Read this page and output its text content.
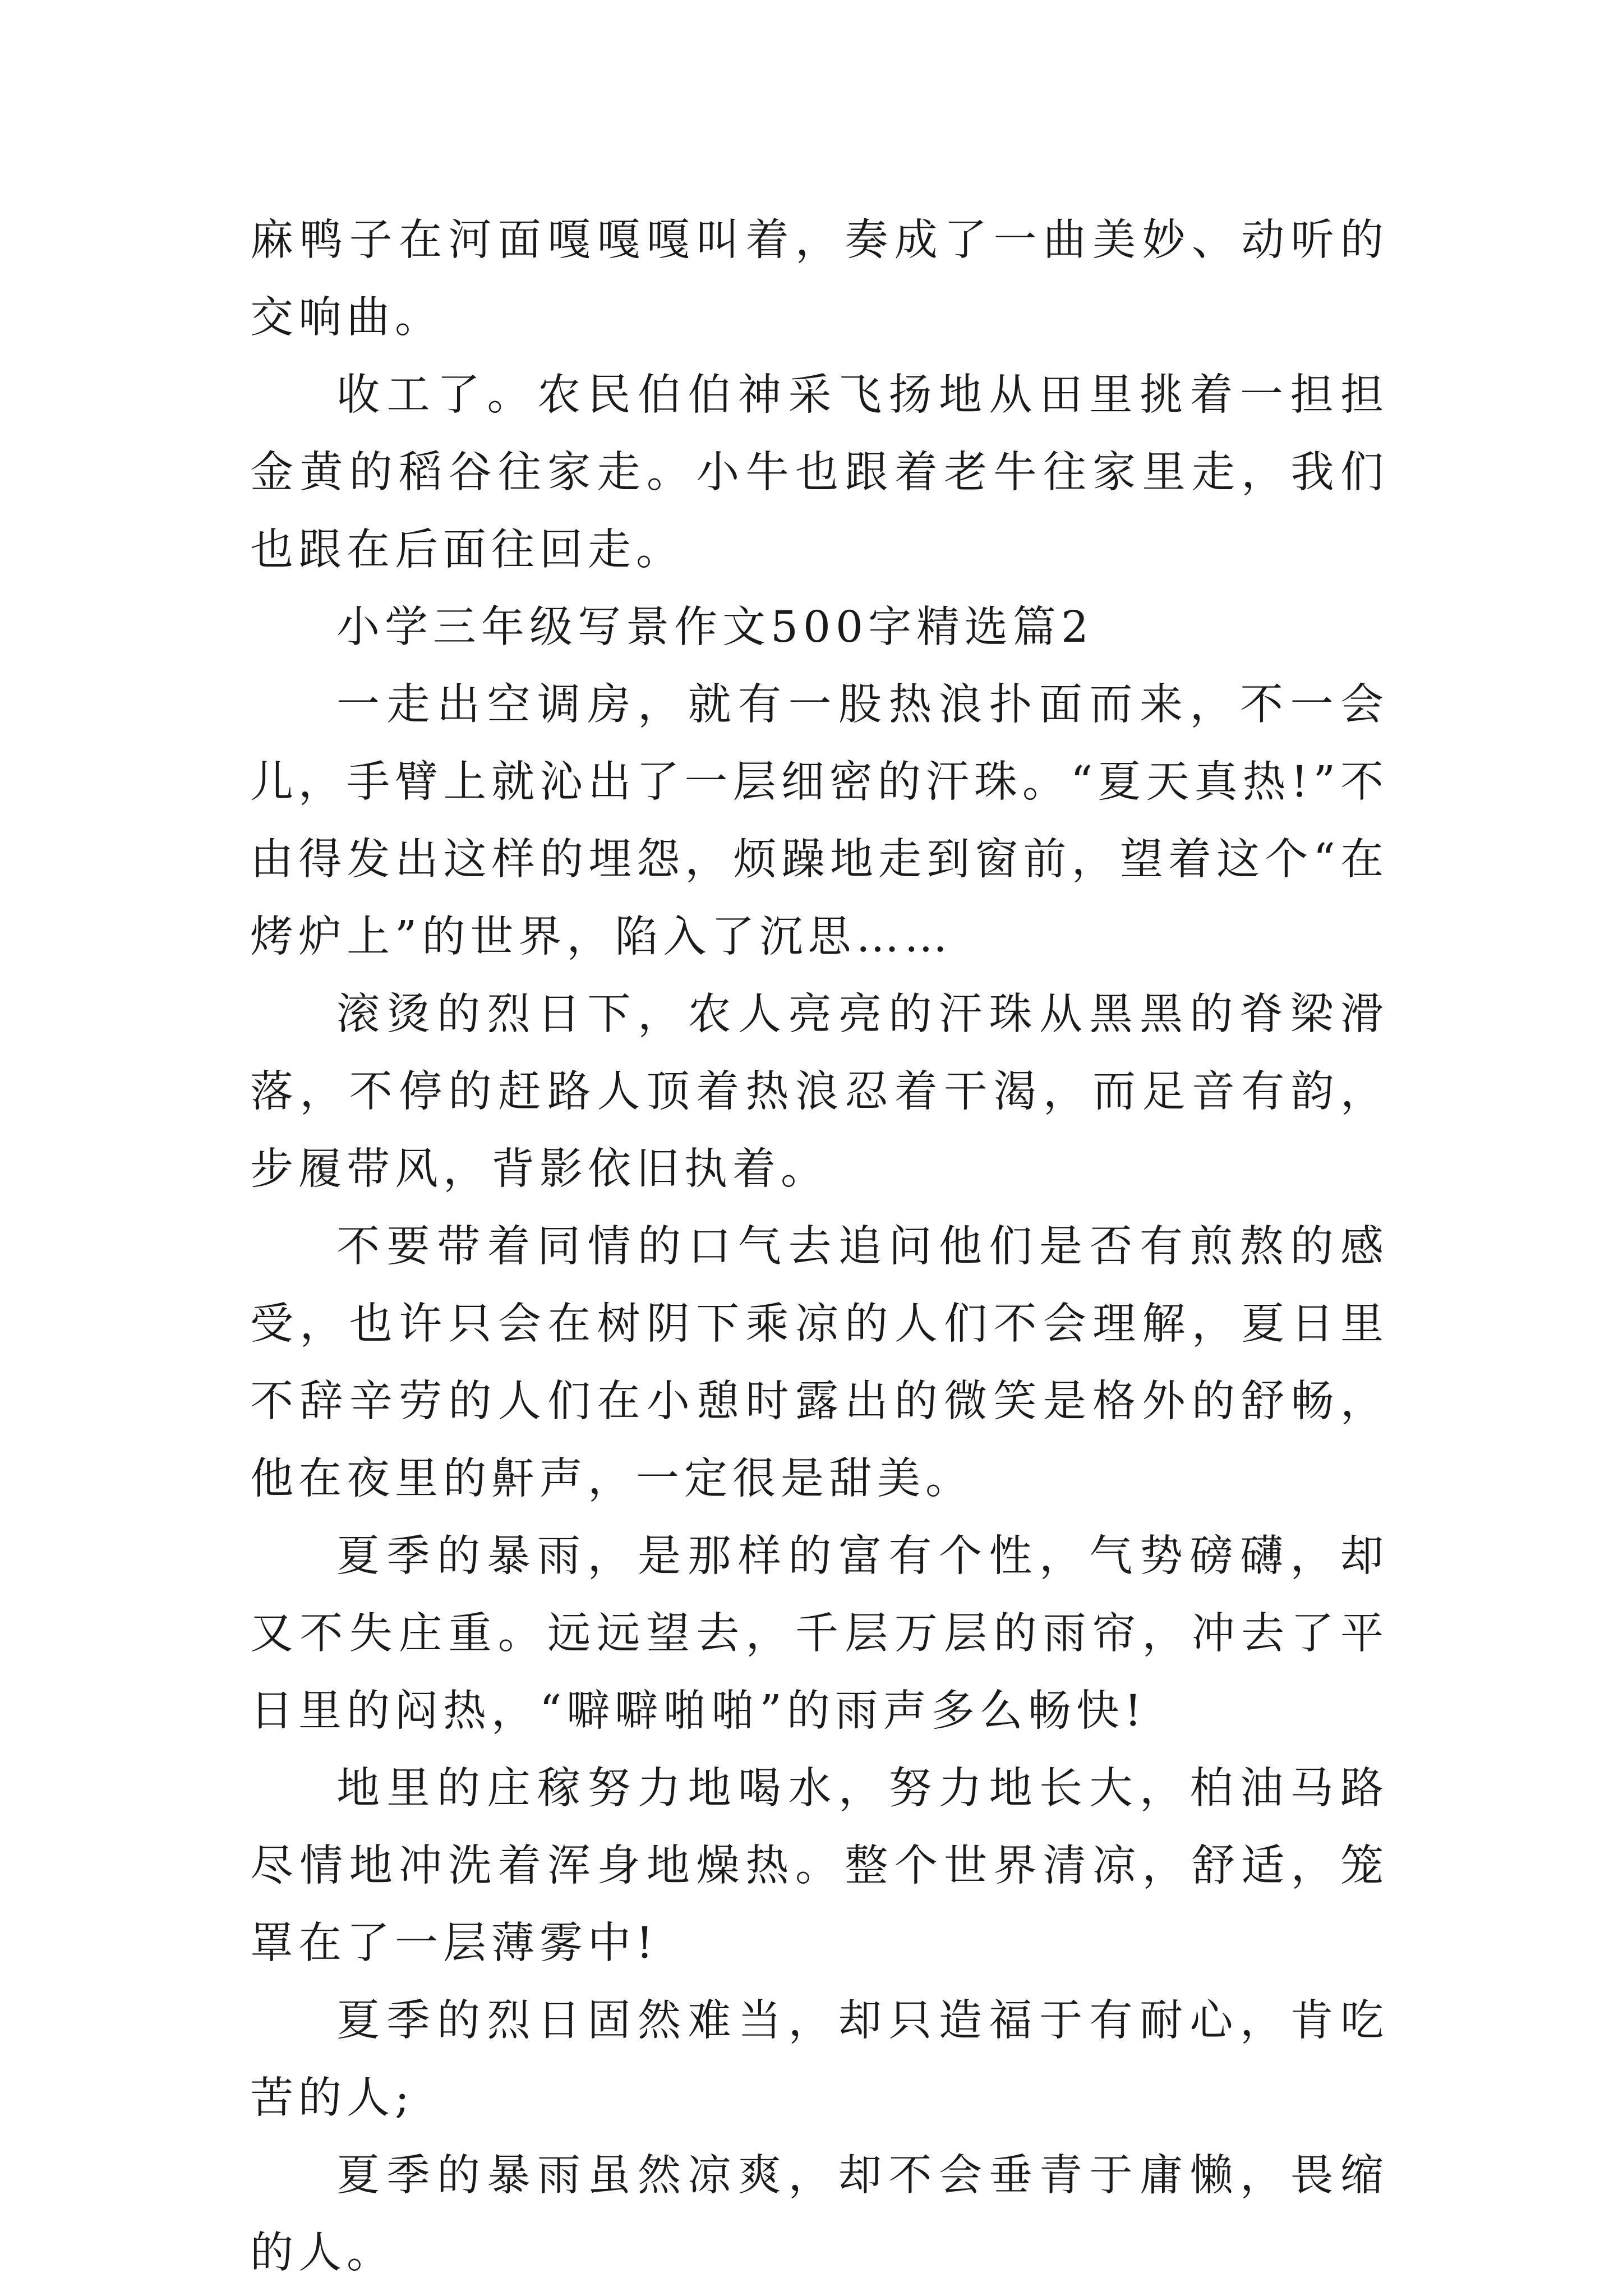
麻鸭子在河面嘎嘎嘎叫着，奏成了一曲美妙、动听的交响曲。

收工了。农民伯伯神采飞扬地从田里挑着一担担金黄的稻谷往家走。小牛也跟着老牛往家里走，我们也跟在后面往回走。

小学三年级写景作文500字精选篇2

一走出空调房，就有一股热浪扑面而来，不一会儿，手臂上就沁出了一层细密的汗珠。“夏天真热!”不由得发出这样的埋怨，烦躁地走到窗前，望着这个“在烤炉上”的世界，陷入了沉思……

滚烫的烈日下，农人亮亮的汗珠从黑黑的脊梁滑落，不停的赶路人顶着热浪忍着干渴，而足音有韵，步履带风，背影依旧执着。

不要带着同情的口气去追问他们是否有煎熬的感受，也许只会在树阴下乘凉的人们不会理解，夏日里不辞辛劳的人们在小憩时露出的微笑是格外的舒畅，他在夜里的鼾声，一定很是甜美。

夏季的暴雨，是那样的富有个性，气势磅礴，却又不失庄重。远远望去，千层万层的雨帘，冲去了平日里的闷热，“噼噼啪啪”的雨声多么畅快!

地里的庄稼努力地喝水，努力地长大，柏油马路尽情地冲洗着浑身地燥热。整个世界清凉，舒适，笼罩在了一层薄雾中!

夏季的烈日固然难当，却只造福于有耐心，肯吃苦的人;

夏季的暴雨虽然凉爽，却不会垂青于庸懒，畏缩的人。
